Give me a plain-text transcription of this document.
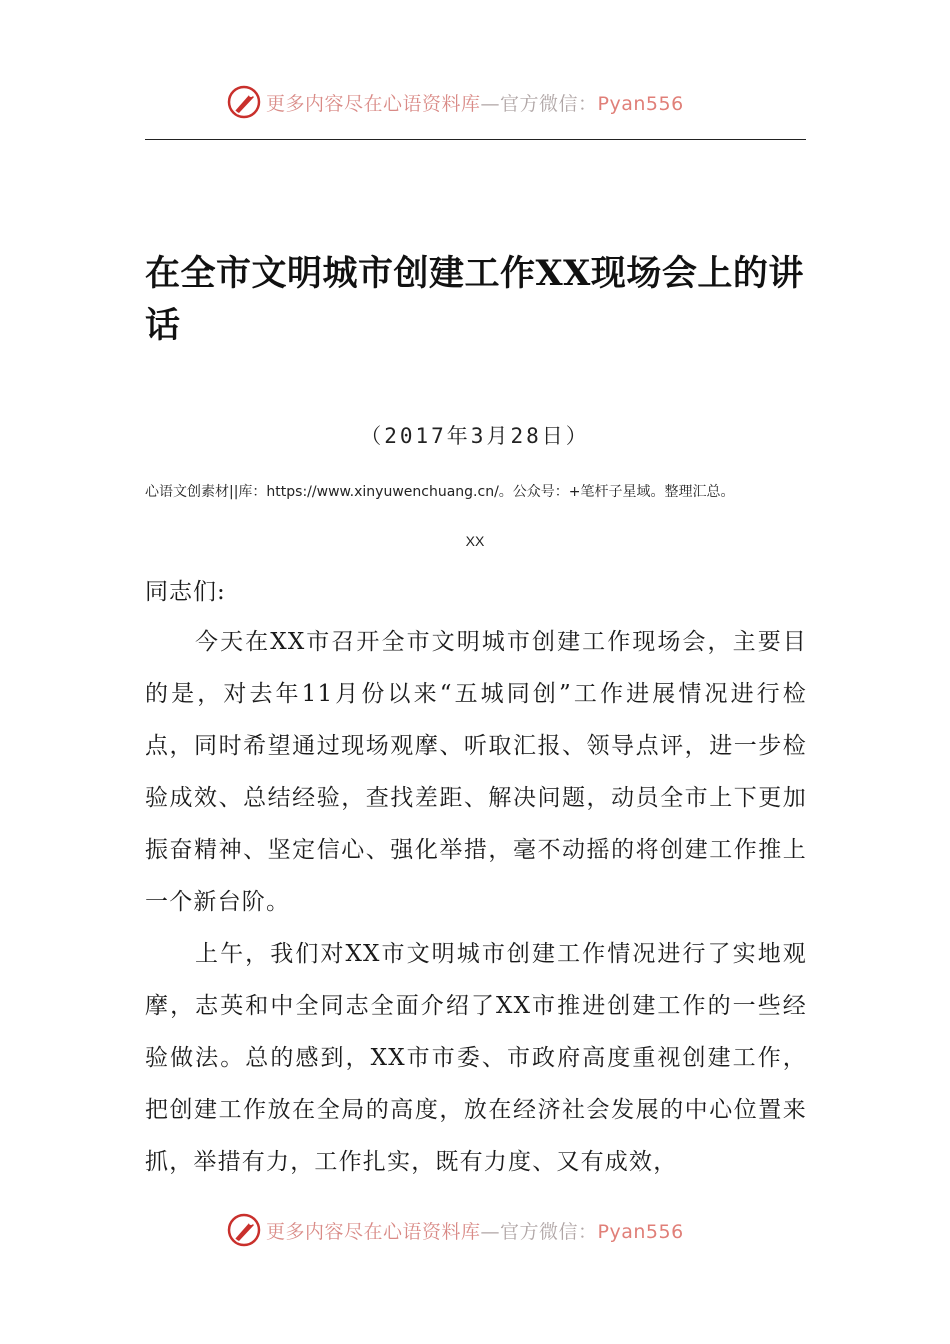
更多内容尽在心语资料库—官方微信：Pyan556
在全市文明城市创建工作XX现场会上的讲话
（2017年3月28日）
心语文创素材||库：https://www.xinyuwenchuang.cn/。公众号：+笔杆子星域。整理汇总。
XX
同志们:

今天在XX市召开全市文明城市创建工作现场会，主要目的是，对去年11月份以来“五城同创”工作进展情况进行检点，同时希望通过现场观摩、听取汇报、领导点评，进一步检验成效、总结经验，查找差距、解决问题，动员全市上下更加振奋精神、坚定信心、强化举措，毫不动摇的将创建工作推上一个新台阶。

上午，我们对XX市文明城市创建工作情况进行了实地观摩，志英和中全同志全面介绍了XX市推进创建工作的一些经验做法。总的感到，XX市市委、市政府高度重视创建工作，把创建工作放在全局的高度，放在经济社会发展的中心位置来抓，举措有力，工作扎实，既有力度、又有成效，

更多内容尽在心语资料库—官方微信：Pyan556
